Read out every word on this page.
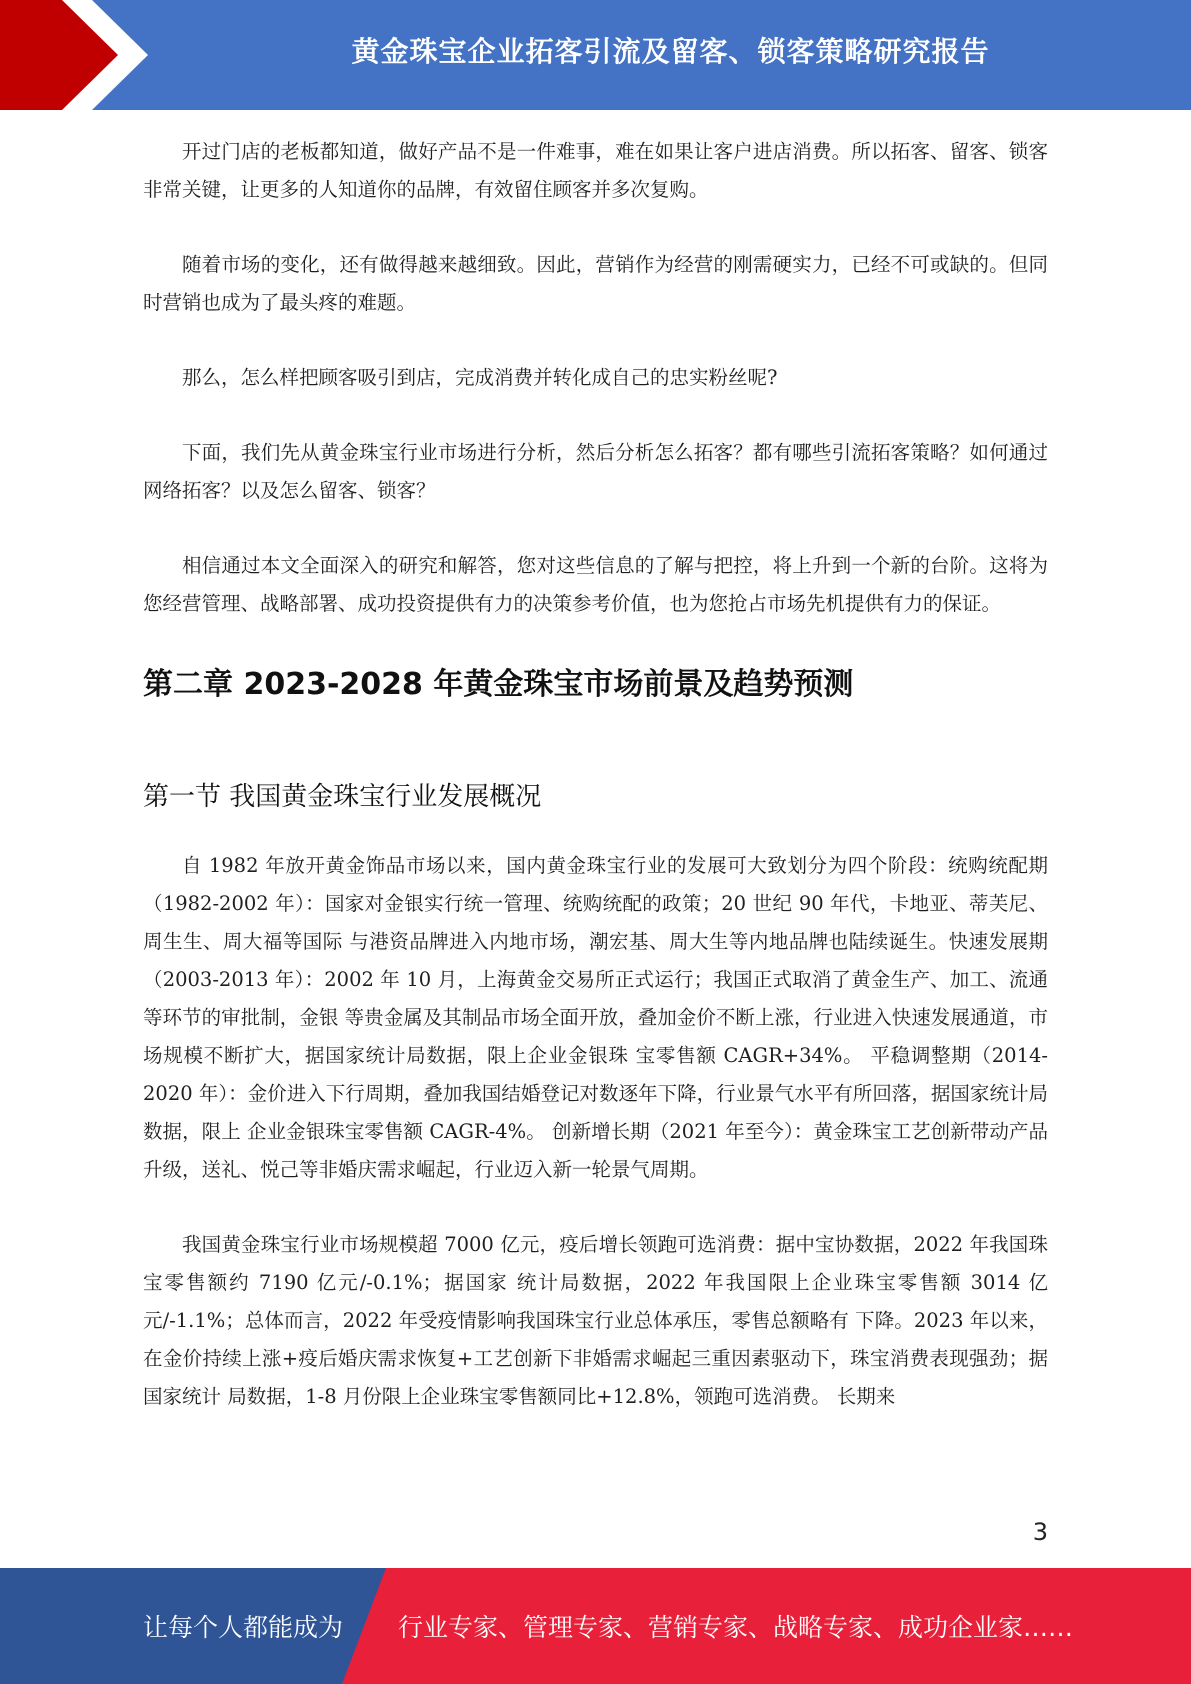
黄金珠宝企业拓客引流及留客、锁客策略研究报告

开过门店的老板都知道，做好产品不是一件难事，难在如果让客户进店消费。所以拓客、留客、锁客非常关键，让更多的人知道你的品牌，有效留住顾客并多次复购。

随着市场的变化，还有做得越来越细致。因此，营销作为经营的刚需硬实力，已经不可或缺的。但同时营销也成为了最头疼的难题。

那么，怎么样把顾客吸引到店，完成消费并转化成自己的忠实粉丝呢?

下面，我们先从黄金珠宝行业市场进行分析，然后分析怎么拓客？都有哪些引流拓客策略？如何通过网络拓客？以及怎么留客、锁客？

相信通过本文全面深入的研究和解答，您对这些信息的了解与把控，将上升到一个新的台阶。这将为您经营管理、战略部署、成功投资提供有力的决策参考价值，也为您抢占市场先机提供有力的保证。

第二章 2023-2028 年黄金珠宝市场前景及趋势预测
第一节 我国黄金珠宝行业发展概况

自 1982 年放开黄金饰品市场以来，国内黄金珠宝行业的发展可大致划分为四个阶段：统购统配期（1982-2002 年）：国家对金银实行统一管理、统购统配的政策；20 世纪 90 年代，卡地亚、蒂芙尼、周生生、周大福等国际 与港资品牌进入内地市场，潮宏基、周大生等内地品牌也陆续诞生。快速发展期（2003-2013 年）：2002 年 10 月，上海黄金交易所正式运行；我国正式取消了黄金生产、加工、流通等环节的审批制，金银 等贵金属及其制品市场全面开放，叠加金价不断上涨，行业进入快速发展通道，市场规模不断扩大，据国家统计局数据，限上企业金银珠 宝零售额 CAGR+34%。 平稳调整期（2014-2020 年）：金价进入下行周期，叠加我国结婚登记对数逐年下降，行业景气水平有所回落，据国家统计局数据，限上 企业金银珠宝零售额 CAGR-4%。 创新增长期（2021 年至今）：黄金珠宝工艺创新带动产品升级，送礼、悦己等非婚庆需求崛起，行业迈入新一轮景气周期。

我国黄金珠宝行业市场规模超 7000 亿元，疫后增长领跑可选消费：据中宝协数据，2022 年我国珠宝零售额约 7190 亿元/-0.1%；据国家 统计局数据，2022 年我国限上企业珠宝零售额 3014 亿元/-1.1%；总体而言，2022 年受疫情影响我国珠宝行业总体承压，零售总额略有 下降。2023 年以来，在金价持续上涨+疫后婚庆需求恢复+工艺创新下非婚需求崛起三重因素驱动下，珠宝消费表现强劲；据国家统计 局数据，1-8 月份限上企业珠宝零售额同比+12.8%，领跑可选消费。 长期来

3
让每个人都能成为 行业专家、管理专家、营销专家、战略专家、成功企业家……
